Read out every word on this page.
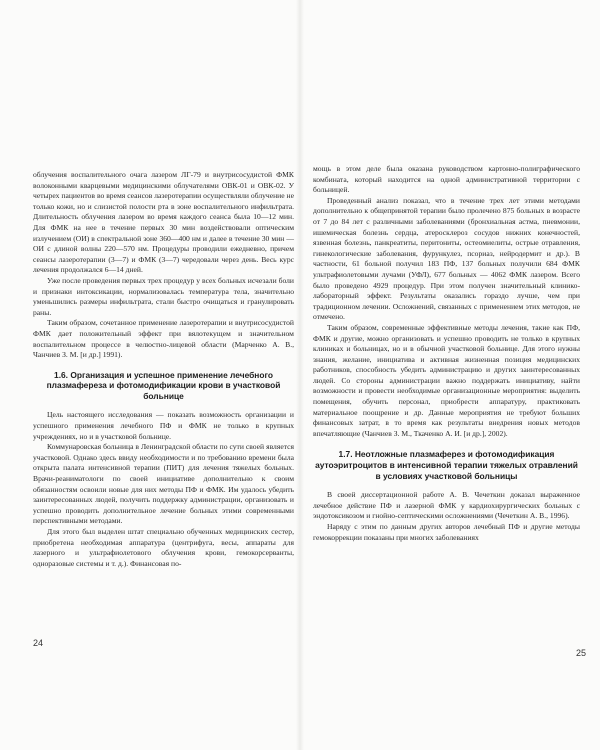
облучения воспалительного очага лазером ЛГ-79 и внутрисосудистой ФМК волоконными кварцевыми медицинскими облучателями ОВК-01 и ОВК-02. У четырех пациентов во время сеансов лазеротерапии осуществляли облучение не только кожи, но и слизистой полости рта в зоне воспалительного инфильтрата. Длительность облучения лазером во время каждого сеанса была 10—12 мин. Для ФМК на нее в течение первых 30 мин воздействовали оптическим излучением (ОИ) в спектральной зоне 360—400 нм и далее в течение 30 мин — ОИ с длиной волны 220—570 нм. Процедуры проводили ежедневно, причем сеансы лазеротерапии (3—7) и ФМК (3—7) чередовали через день. Весь курс лечения продолжался 6—14 дней.

Уже после проведения первых трех процедур у всех больных исчезали боли и признаки интоксикации, нормализовалась температура тела, значительно уменьшились размеры инфильтрата, стали быстро очищаться и гранулировать раны.

Таким образом, сочетанное применение лазеротерапии и внутрисосудистой ФМК дает положительный эффект при вялотекущем и значительном воспалительном процессе в челюстно-лицевой области (Марченко А. В., Чанчиев З. М. [и др.] 1991).

1.6. Организация и успешное применение лечебного плазмафереза и фотомодификации крови в участковой больнице

Цель настоящего исследования — показать возможность организации и успешного применения лечебного ПФ и ФМК не только в крупных учреждениях, но и в участковой больнице.

Коммунаровская больница в Ленинградской области по сути своей является участковой. Однако здесь ввиду необходимости и по требованию времени была открыта палата интенсивной терапии (ПИТ) для лечения тяжелых больных. Врачи-реаниматологи по своей инициативе дополнительно к своим обязанностям освоили новые для них методы ПФ и ФМК. Им удалось убедить заинтересованных людей, получить поддержку администрации, организовать и успешно проводить дополнительное лечение больных этими современными перспективными методами.

Для этого был выделен штат специально обученных медицинских сестер, приобретена необходимая аппаратура (центрифуга, весы, аппараты для лазерного и ультрафиолетового облучения крови, гемокорсерванты, одноразовые системы и т. д.). Финансовая по-

мощь в этом деле была оказана руководством картонно-полиграфического комбината, который находится на одной административной территории с больницей.

Проведенный анализ показал, что в течение трех лет этими методами дополнительно к общепринятой терапии было пролечено 875 больных в возрасте от 7 до 84 лет с различными заболеваниями (бронхиальная астма, пневмонии, ишемическая болезнь сердца, атеросклероз сосудов нижних конечностей, язвенная болезнь, панкреатиты, перитониты, остеомиелиты, острые отравления, гинекологические заболевания, фурункулез, псориаз, нейродермит и др.). В частности, 61 больной получил 183 ПФ, 137 больных получили 684 ФМК ультрафиолетовыми лучами (УФЛ), 677 больных — 4062 ФМК лазером. Всего было проведено 4929 процедур. При этом получен значительный клинико-лабораторный эффект. Результаты оказались гораздо лучше, чем при традиционном лечении. Осложнений, связанных с применением этих методов, не отмечено.

Таким образом, современные эффективные методы лечения, такие как ПФ, ФМК и другие, можно организовать и успешно проводить не только в крупных клиниках и больницах, но и в обычной участковой больнице. Для этого нужны знания, желание, инициатива и активная жизненная позиция медицинских работников, способность убедить администрацию и других заинтересованных людей. Со стороны администрации важно поддержать инициативу, найти возможности и провести необходимые организационные мероприятия: выделить помещения, обучить персонал, приобрести аппаратуру, практиковать материальное поощрение и др. Данные мероприятия не требуют больших финансовых затрат, в то время как результаты внедрения новых методов впечатляющие (Чанчиев З. М., Ткаченко А. И. [и др.], 2002).

1.7. Неотложные плазмаферез и фотомодификация аутоэритроцитов в интенсивной терапии тяжелых отравлений в условиях участковой больницы

В своей диссертационной работе А. В. Чечеткин доказал выраженное лечебное действие ПФ и лазерной ФМК у кардиохирургических больных с эндотоксикозом и гнойно-септическими осложнениями (Чечеткин А. В., 1996).

Наряду с этим по данным других авторов лечебный ПФ и другие методы гемокоррекции показаны при многих заболеваниях

24
25
